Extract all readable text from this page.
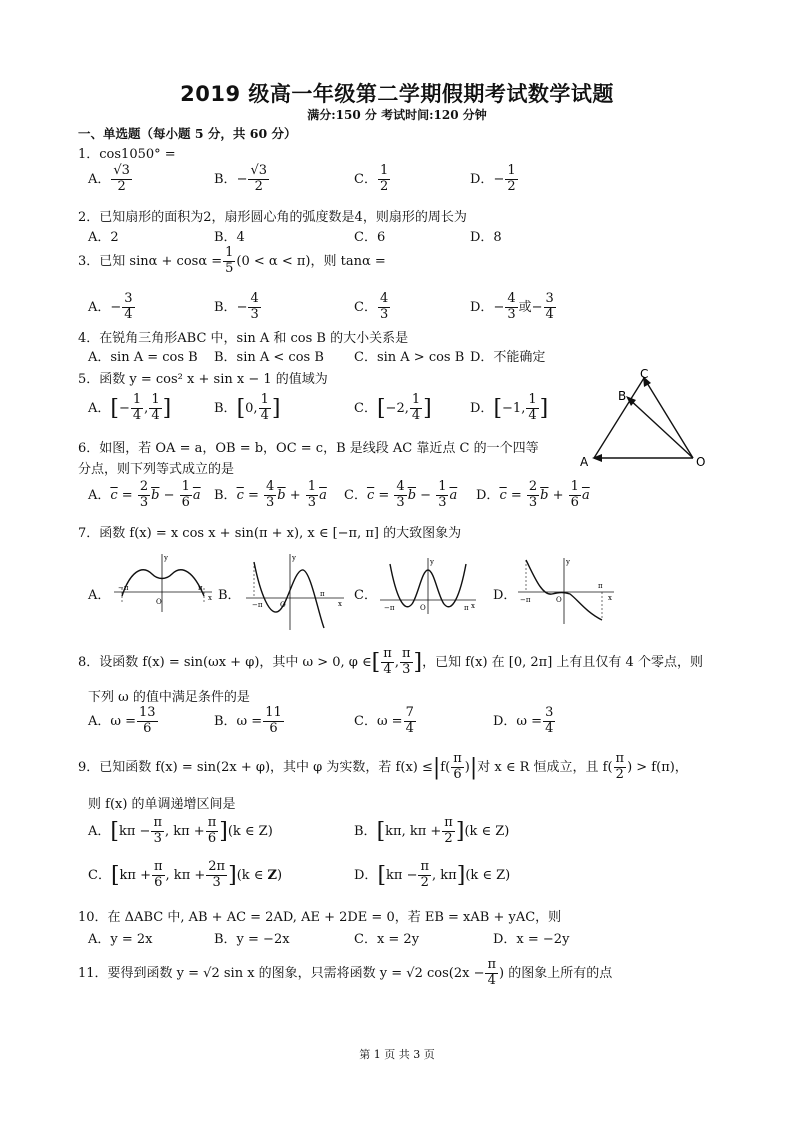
2019 级高一年级第二学期假期考试数学试题
满分:150 分 考试时间:120 分钟
一、单选题（每小题 5 分，共 60 分）
1．cos1050° =
A． $\frac{√3}{2}$	B．− $\frac{√3}{2}$	C． $\frac{1}{2}$	D．− $\frac{1}{2}$
2．已知扇形的面积为2，扇形圆心角的弧度数是4，则扇形的周长为
A．2	B．4	C．6	D．8
3．已知 $\sin\alpha + \cos\alpha = \frac{1}{5} (0 < \alpha < \pi)$，则 tanα =
A．− $\frac{3}{4}$	B．− $\frac{4}{3}$	C． $\frac{4}{3}$	D．− $\frac{4}{3}$ 或− $\frac{3}{4}$
4．在锐角三角形ABC 中，sin A 和 cos B 的大小关系是
A．sin A = cos B B．sin A < cos B C．sin A > cos B D．不能确定
5．函数 y = cos² x + sin x − 1 的值域为
A．[− $\frac{1}{4}$ , $\frac{1}{4}$ ]	B．[0, $\frac{1}{4}$ ]	C．[−2, $\frac{1}{4}$ ]	D．[−1, $\frac{1}{4}$ ]
C
B
A	O
6．如图，若 OA = a，OB = b，OC = c，B 是线段 AC 靠近点 C 的一个四等
分点，则下列等式成立的是
A．$\overline{c} = \frac{2}{3} \overline{b} - \frac{1}{6} \overline{a}$ B．$\overline{c} = \frac{4}{3} \overline{b} + \frac{1}{3} \overline{a}$ C．$\overline{c} = \frac{4}{3} \overline{b} - \frac{1}{3} \overline{a}$ D．$\overline{c} = \frac{2}{3} \overline{b} + \frac{1}{6} \overline{a}$
7．函数 f(x) = x cos x + sin(π + x), x ∈ [−π, π] 的大致图象为
A．	B．	C．	D．
−π	π
O
y
x
−π
π
O
y
x	−π	π
O
y
x
−π
π
O
y
x
8．设函数 f(x) = sin(ωx + φ)，其中 ω > 0, φ ∈[ $\frac{\pi}{4}$ , $\frac{\pi}{3}$ ]，已知 f(x) 在 [0, 2π] 上有且仅有 4 个零点，则
下列 ω 的值中满足条件的是
A．$\omega = \frac{13}{6}$	B．$\omega = \frac{11}{6}$	C．$\omega = \frac{7}{4}$	D．$\omega = \frac{3}{4}$
9．已知函数 f(x) = sin(2x + φ)，其中 φ 为实数，若 $f(x) \le|f( \frac{\pi}{6}$ )|对 x ∈ R 恒成立，且 $f( \frac{\pi}{2}$ ) > f(π)，
则 f(x) 的单调递增区间是
A．[$k\pi - \frac{\pi}{3}$ , $k\pi + \frac{\pi}{6} ](k$ ∈ Z)	B．[kπ, $k\pi + \frac{\pi}{2} ](k$ ∈ Z)
C．[$k\pi + \frac{\pi}{6}$ , $k\pi + \frac{2\pi}{3} ](k$ ∈ Z)	D．[$k\pi - \frac{\pi}{2}$ , kπ](k ∈ Z)
10．在 ΔABC 中, AB + AC = 2AD, AE + 2DE = 0，若 EB = xAB + yAC，则
A．y = 2x	B．y = −2x	C．x = 2y	D．x = −2y
11．要得到函数 y = √2 sin x 的图象，只需将函数 y = √2 $\cos(2x - \frac{\pi}{4}$ ) 的图象上所有的点
第 1 页 共 3 页
